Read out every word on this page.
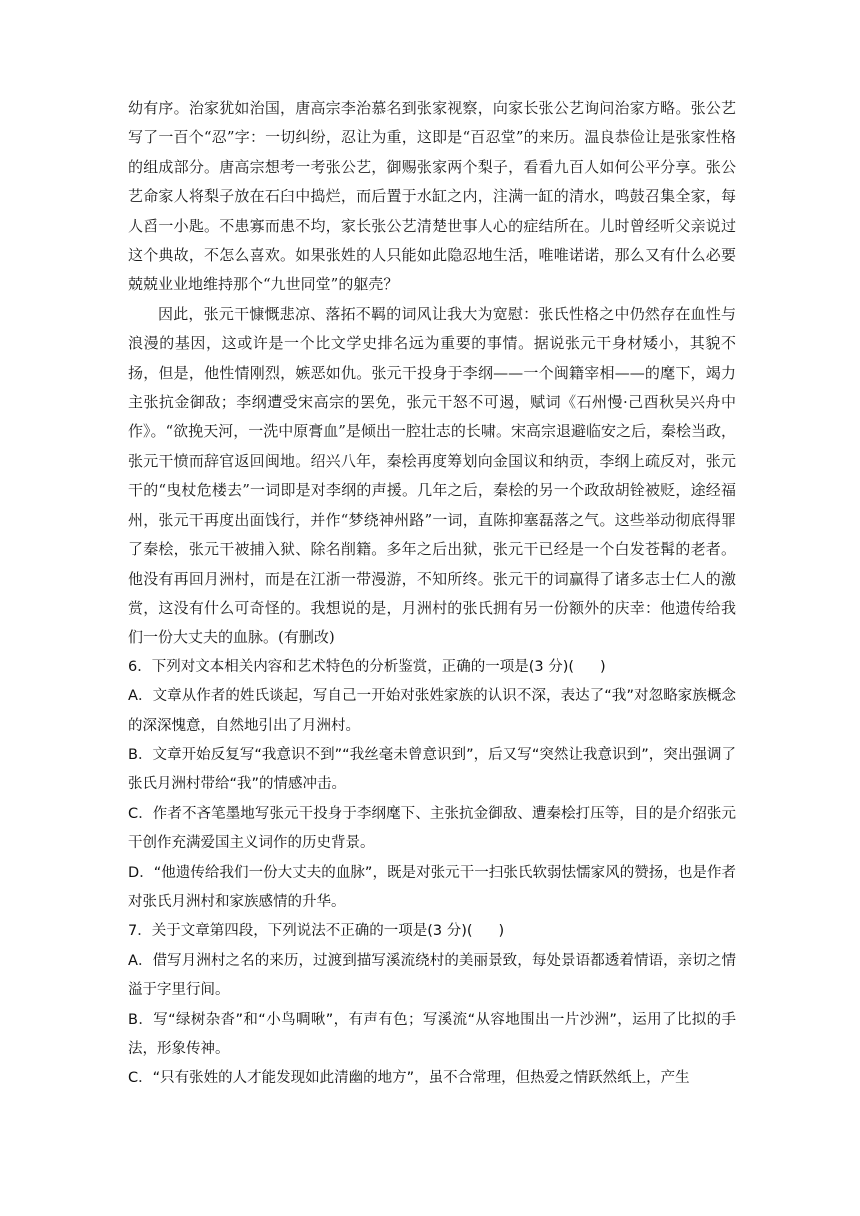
幼有序。治家犹如治国，唐高宗李治慕名到张家视察，向家长张公艺询问治家方略。张公艺写了一百个“忍”字：一切纠纷，忍让为重，这即是“百忍堂”的来历。温良恭俭让是张家性格的组成部分。唐高宗想考一考张公艺，御赐张家两个梨子，看看九百人如何公平分享。张公艺命家人将梨子放在石臼中捣烂，而后置于水缸之内，注满一缸的清水，鸣鼓召集全家，每人舀一小匙。不患寡而患不均，家长张公艺清楚世事人心的症结所在。儿时曾经听父亲说过这个典故，不怎么喜欢。如果张姓的人只能如此隐忍地生活，唯唯诺诺，那么又有什么必要兢兢业业地维持那个“九世同堂”的躯壳？

因此，张元干慷慨悲凉、落拓不羁的词风让我大为宽慰：张氏性格之中仍然存在血性与浪漫的基因，这或许是一个比文学史排名远为重要的事情。据说张元干身材矮小，其貌不扬，但是，他性情刚烈，嫉恶如仇。张元干投身于李纲——一个闽籍宰相——的麾下，竭力主张抗金御敌；李纲遭受宋高宗的罢免，张元干怒不可遏，赋词《石州慢·己酉秋吴兴舟中作》。“欲挽天河，一洗中原膏血”是倾出一腔壮志的长啸。宋高宗退避临安之后，秦桧当政，张元干愤而辞官返回闽地。绍兴八年，秦桧再度筹划向金国议和纳贡，李纲上疏反对，张元干的“曳杖危楼去”一词即是对李纲的声援。几年之后，秦桧的另一个政敌胡铨被贬，途经福州，张元干再度出面饯行，并作“梦绕神州路”一词，直陈抑塞磊落之气。这些举动彻底得罪了秦桧，张元干被捕入狱、除名削籍。多年之后出狱，张元干已经是一个白发苍髯的老者。他没有再回月洲村，而是在江浙一带漫游，不知所终。张元干的词赢得了诸多志士仁人的激赏，这没有什么可奇怪的。我想说的是，月洲村的张氏拥有另一份额外的庆幸：他遗传给我们一份大丈夫的血脉。(有删改)

6．下列对文本相关内容和艺术特色的分析鉴赏，正确的一项是(3 分)( )

A．文章从作者的姓氏谈起，写自己一开始对张姓家族的认识不深，表达了“我”对忽略家族概念的深深愧意，自然地引出了月洲村。

B．文章开始反复写“我意识不到”“我丝毫未曾意识到”，后又写“突然让我意识到”，突出强调了张氏月洲村带给“我”的情感冲击。

C．作者不吝笔墨地写张元干投身于李纲麾下、主张抗金御敌、遭秦桧打压等，目的是介绍张元干创作充满爱国主义词作的历史背景。

D．“他遗传给我们一份大丈夫的血脉”，既是对张元干一扫张氏软弱怯懦家风的赞扬，也是作者对张氏月洲村和家族感情的升华。

7．关于文章第四段，下列说法不正确的一项是(3 分)( )

A．借写月洲村之名的来历，过渡到描写溪流绕村的美丽景致，每处景语都透着情语，亲切之情溢于字里行间。

B．写“绿树杂沓”和“小鸟啁啾”，有声有色；写溪流“从容地围出一片沙洲”，运用了比拟的手法，形象传神。

C．“只有张姓的人才能发现如此清幽的地方”，虽不合常理，但热爱之情跃然纸上，产生
